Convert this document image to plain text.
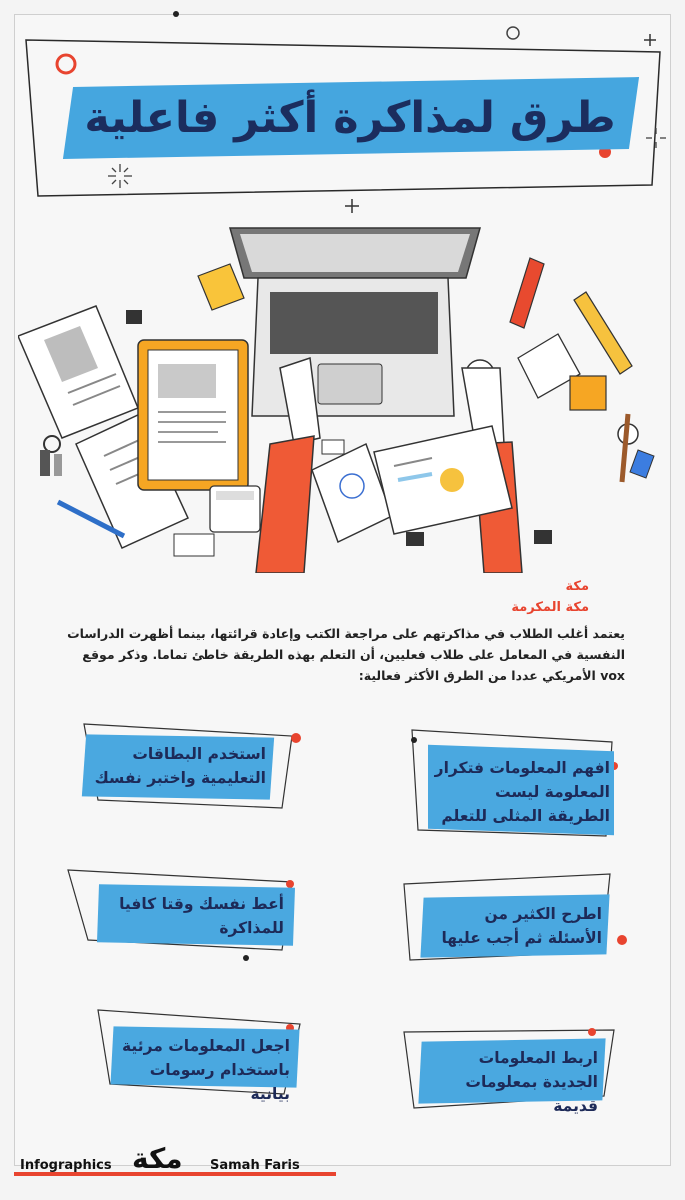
طرق لمذاكرة أكثر فاعلية
مكة
مكة المكرمة
يعتمد أغلب الطلاب في مذاكرتهم على مراجعة الكتب وإعادة قرائتها، بينما أظهرت الدراسات النفسية في المعامل على طلاب فعليين، أن التعلم بهذه الطريقة خاطئ تماما. وذكر موقع vox الأمريكي عددا من الطرق الأكثر فعالية:
افهم المعلومات فتكرار المعلومة ليست الطريقة المثلى للتعلم
استخدم البطاقات التعليمية واختبر نفسك
اطرح الكثير من الأسئلة ثم أجب عليها
أعط نفسك وقتا كافيا للمذاكرة
اربط المعلومات الجديدة بمعلومات قديمة
اجعل المعلومات مرئية باستخدام رسومات بيانية
Infographics مكة Samah Faris
